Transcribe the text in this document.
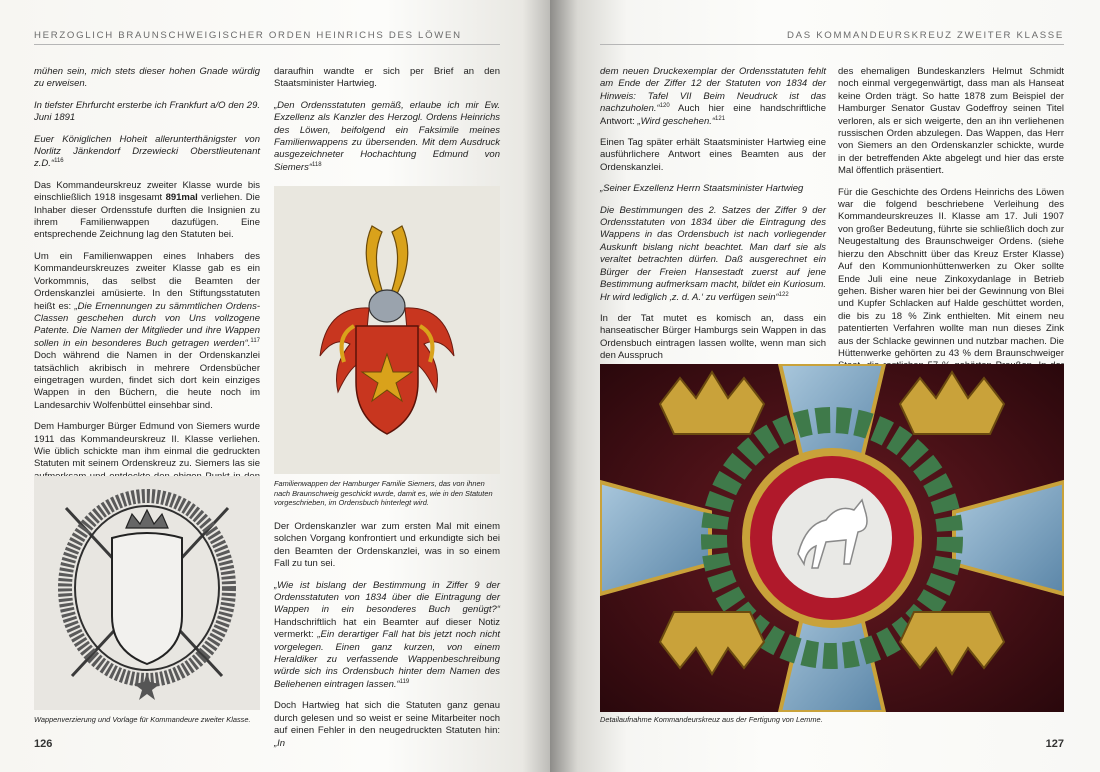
HERZOGLICH BRAUNSCHWEIGISCHER ORDEN HEINRICHS DES LÖWEN

mühen sein, mich stets dieser hohen Gnade würdig zu erweisen.

In tiefster Ehrfurcht ersterbe ich Frankfurt a/O den 29. Juni 1891

Euer Königlichen Hoheit allerunterthänigster von Norlitz Jänkendorf Drzewiecki Oberstlieutenant z.D.“$^{116}$

Das Kommandeurskreuz zweiter Klasse wurde bis einschließlich 1918 insgesamt 891mal verliehen. Die Inhaber dieser Ordensstufe durften die Insignien zu ihrem Familienwappen dazufügen. Eine entsprechende Zeichnung lag den Statuten bei.

Um ein Familienwappen eines Inhabers des Kommandeurskreuzes zweiter Klasse gab es ein Vorkommnis, das selbst die Beamten der Ordenskanzlei amüsierte. In den Stiftungsstatuten heißt es: „Die Ernennungen zu sämmtlichen Ordens-Classen geschehen durch von Uns vollzogene Patente. Die Namen der Mitglieder und ihre Wappen sollen in ein besonderes Buch getragen werden“.$^{117}$ Doch während die Namen in der Ordenskanzlei tatsächlich akribisch in mehrere Ordensbücher eingetragen wurden, findet sich dort kein einziges Wappen in den Büchern, die heute noch im Landesarchiv Wolfenbüttel einsehbar sind.

Dem Hamburger Bürger Edmund von Siemers wurde 1911 das Kommandeurskreuz II. Klasse verliehen. Wie üblich schickte man ihm einmal die gedruckten Statuten mit seinem Ordenskreuz zu. Siemers las sie

Wappenverzierung und Vorlage für Kommandeure zweiter Klasse.

daraufhin wandte er sich per Brief an den Staatsminister Hartwieg.

„Den Ordensstatuten gemäß, erlaube ich mir Ew. Exzellenz als Kanzler des Herzogl. Ordens Heinrichs des Löwen, beifolgend ein Faksimile meines Familienwappens zu übersenden. Mit dem Ausdruck ausgezeichneter Hochachtung Edmund von Siemers“$^{118}$

Familienwappen der Hamburger Familie Siemers, das von ihnen nach Braunschweig geschickt wurde, damit es, wie in den Statuten vorgeschrieben, im Ordensbuch hinterlegt wird.

Der Ordenskanzler war zum ersten Mal mit einem solchen Vorgang konfrontiert und erkundigte sich bei den Beamten der Ordenskanzlei, was in so einem Fall zu tun sei.

„Wie ist bislang der Bestimmung in Ziffer 9 der Ordensstatuten von 1834 über die Eintragung der Wappen in ein besonderes Buch genügt?“ Handschriftlich hat ein Beamter auf dieser Notiz vermerkt: „Ein derartiger Fall hat bis jetzt noch nicht vorgelegen. Einen ganz kurzen, von einem Heraldiker zu verfassende Wappenbeschreibung würde sich ins Ordensbuch hinter dem Namen des Beliehenen eintragen lassen.“$^{119}$

Doch Hartwieg hat sich die Statuten ganz genau durch gelesen und so weist er seine Mitarbeiter noch auf einen Fehler in den neugedruckten Statuten hin: „In

126
DAS KOMMANDEURSKREUZ ZWEITER KLASSE

dem neuen Druckexemplar der Ordensstatuten fehlt am Ende der Ziffer 12 der Statuten von 1834 der Hinweis: Tafel VII Beim Neudruck ist das nachzuholen.“$^{120}$ Auch hier eine handschriftliche Antwort: „Wird geschehen.“$^{121}$

Einen Tag später erhält Staatsminister Hartwieg eine ausführlichere Antwort eines Beamten aus der Ordenskanzlei.

„Seiner Exzellenz Herrn Staatsminister Hartwieg

Die Bestimmungen des 2. Satzes der Ziffer 9 der Ordensstatuten von 1834 über die Eintragung des Wappens in das Ordensbuch ist nach vorliegender Auskunft bislang nicht beachtet. Man darf sie als veraltet betrachten dürfen. Daß ausgerechnet ein Bürger der Freien Hansestadt zuerst auf jene Bestimmung aufmerksam macht, bildet ein Kuriosum. Hr wird lediglich ‚z. d. A.‘ zu verfügen sein“$^{122}$

In der Tat mutet es komisch an, dass ein hanseatischer Bürger Hamburgs sein Wappen in das Ordensbuch eintragen lassen wollte, wenn man sich den Ausspruch

des ehemaligen Bundeskanzlers Helmut Schmidt noch einmal vergegenwärtigt, dass man als Hanseat keine Orden trägt. So hatte 1878 zum Beispiel der Hamburger Senator Gustav Godeffroy seinen Titel verloren, als er sich weigerte, den an ihn verliehenen russischen Orden abzulegen. Das Wappen, das Herr von Siemers an den Ordenskanzler schickte, wurde in der betreffenden Akte abgelegt und hier das erste Mal öffentlich präsentiert.

Für die Geschichte des Ordens Heinrichs des Löwen war die folgend beschriebene Verleihung des Kommandeurskreuzes II. Klasse am 17. Juli 1907 von großer Bedeutung, führte sie schließlich doch zur Neugestaltung des Braunschweiger Ordens. (siehe hierzu den Abschnitt über das Kreuz Erster Klasse) Auf den Kommunionhüttenwerken zu Oker sollte Ende Juli eine neue Zinkoxydanlage in Betrieb gehen. Bisher waren hier bei der Gewinnung von Blei und Kupfer Schlacken auf Halde geschüttet worden, die bis zu 18 % Zink enthielten. Mit einem neu patentierten Verfahren wollte man nun dieses Zink aus der Schlacke gewinnen und nutzbar machen. Die Hüttenwerke gehörten zu 43 % dem Braunschweiger

Detailaufnahme Kommandeurskreuz aus der Fertigung von Lemme.
127
